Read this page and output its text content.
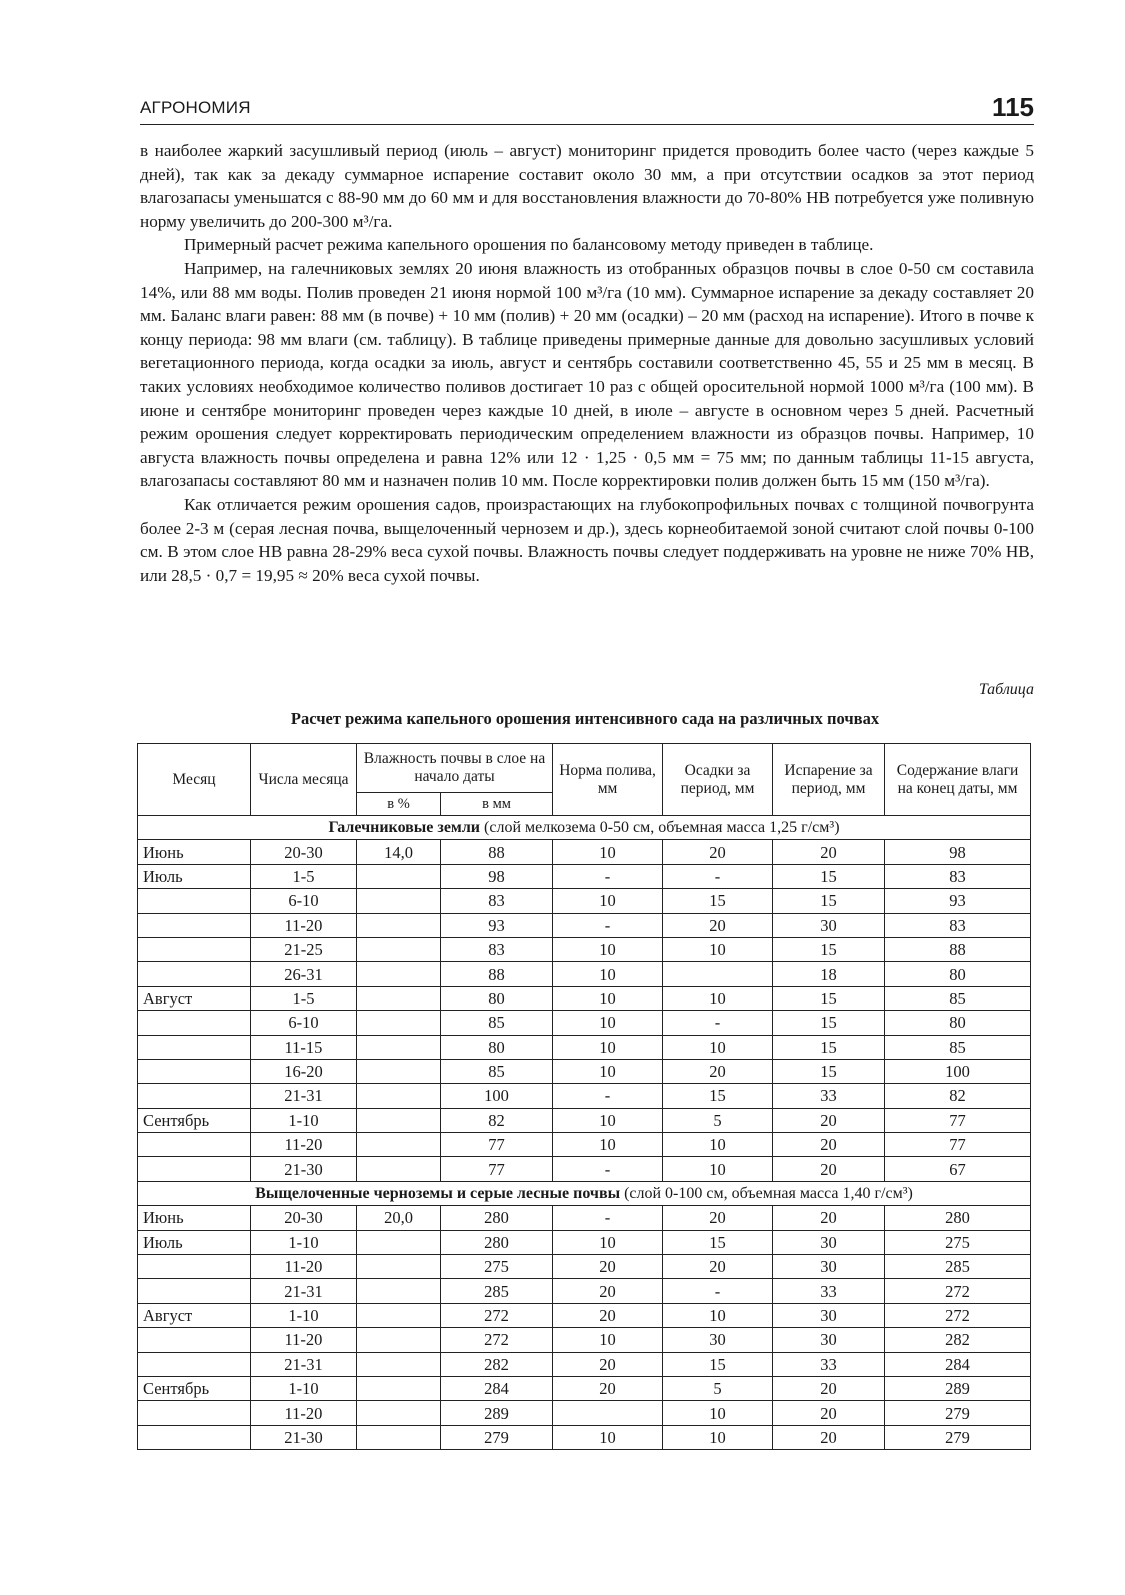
АГРОНОМИЯ	115

в наиболее жаркий засушливый период (июль – август) мониторинг придется проводить более часто (через каждые 5 дней), так как за декаду суммарное испарение составит около 30 мм, а при отсутствии осадков за этот период влагозапасы уменьшатся с 88-90 мм до 60 мм и для восстановления влажности до 70-80% НВ потребуется уже поливную норму увеличить до 200-300 м³/га.

Примерный расчет режима капельного орошения по балансовому методу приведен в таблице.

Например, на галечниковых землях 20 июня влажность из отобранных образцов почвы в слое 0-50 см составила 14%, или 88 мм воды. Полив проведен 21 июня нормой 100 м³/га (10 мм). Суммарное испарение за декаду составляет 20 мм. Баланс влаги равен: 88 мм (в почве) + 10 мм (полив) + 20 мм (осадки) – 20 мм (расход на испарение). Итого в почве к концу периода: 98 мм влаги (см. таблицу). В таблице приведены примерные данные для довольно засушливых условий вегетационного периода, когда осадки за июль, август и сентябрь составили соответственно 45, 55 и 25 мм в месяц. В таких условиях необходимое количество поливов достигает 10 раз с общей оросительной нормой 1000 м³/га (100 мм). В июне и сентябре мониторинг проведен через каждые 10 дней, в июле – августе в основном через 5 дней. Расчетный режим орошения следует корректировать периодическим определением влажности из образцов почвы. Например, 10 августа влажность почвы определена и равна 12% или 12 · 1,25 · 0,5 мм = 75 мм; по данным таблицы 11-15 августа, влагозапасы составляют 80 мм и назначен полив 10 мм. После корректировки полив должен быть 15 мм (150 м³/га).

Как отличается режим орошения садов, произрастающих на глубокопрофильных почвах с толщиной почвогрунта более 2-3 м (серая лесная почва, выщелоченный чернозем и др.), здесь корнеобитаемой зоной считают слой почвы 0-100 см. В этом слое НВ равна 28-29% веса сухой почвы. Влажность почвы следует поддерживать на уровне не ниже 70% НВ, или 28,5 · 0,7 = 19,95 ≈ 20% веса сухой почвы.

Таблица
Расчет режима капельного орошения интенсивного сада на различных почвах
Месяц	Числа месяца	Влажность почвы в слое на начало даты		Норма полива, мм	Осадки за период, мм	Испарение за период, мм	Содержание влаги на конец даты, мм
		в %	в мм				
Галечниковые земли (слой мелкозема 0-50 см, объемная масса 1,25 г/см³)							
Июнь	20-30	14,0	88	10	20	20	98
Июль	1-5		98	-	-	15	83
	6-10		83	10	15	15	93
	11-20		93	-	20	30	83
	21-25		83	10	10	15	88
	26-31		88	10		18	80
Август	1-5		80	10	10	15	85
	6-10		85	10	-	15	80
	11-15		80	10	10	15	85
	16-20		85	10	20	15	100
	21-31		100	-	15	33	82
Сентябрь	1-10		82	10	5	20	77
	11-20		77	10	10	20	77
	21-30		77	-	10	20	67
Выщелоченные черноземы и серые лесные почвы (слой 0-100 см, объемная масса 1,40 г/см³)							
Июнь	20-30	20,0	280	-	20	20	280
Июль	1-10		280	10	15	30	275
	11-20		275	20	20	30	285
	21-31		285	20	-	33	272
Август	1-10		272	20	10	30	272
	11-20		272	10	30	30	282
	21-31		282	20	15	33	284
Сентябрь	1-10		284	20	5	20	289
	11-20		289		10	20	279
	21-30		279	10	10	20	279
